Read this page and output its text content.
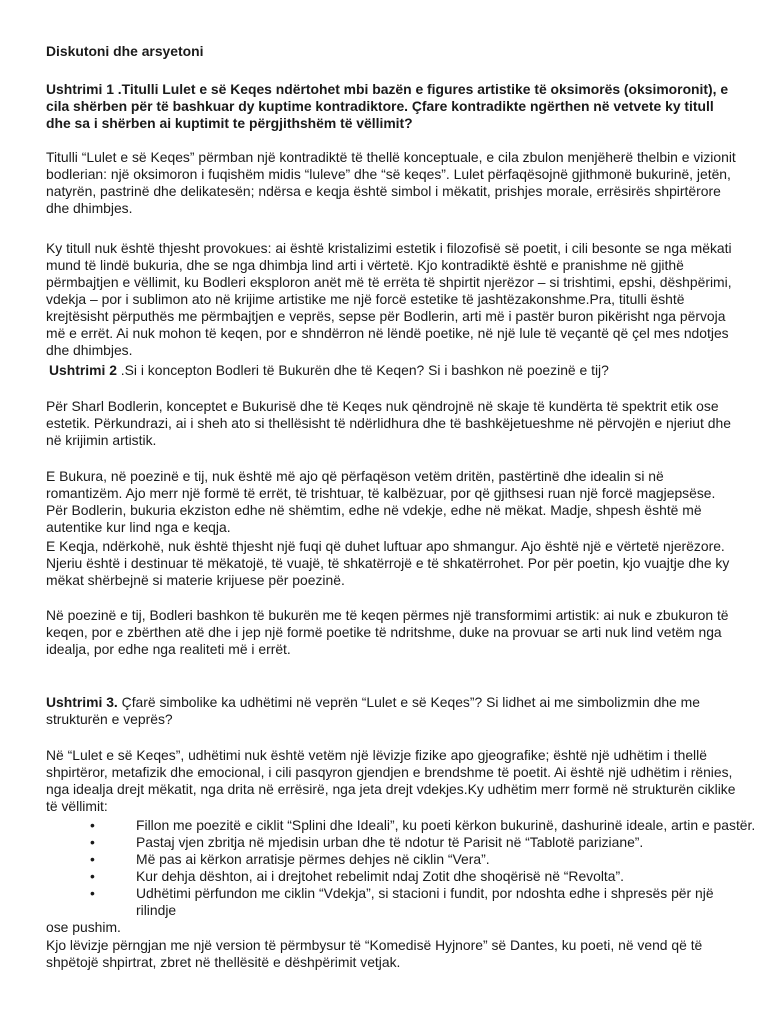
Diskutoni dhe arsyetoni

Ushtrimi 1 .Titulli Lulet e së Keqes ndërtohet mbi bazën e figures artistike të oksimorës (oksimoronit), e cila shërben për të bashkuar dy kuptime kontradiktore. Çfare kontradikte ngërthen në vetvete ky titull dhe sa i shërben ai kuptimit te përgjithshëm të vëllimit?

Titulli “Lulet e së Keqes” përmban një kontradiktë të thellë konceptuale, e cila zbulon menjëherë thelbin e vizionit bodlerian: një oksimoron i fuqishëm midis “luleve” dhe “së keqes”. Lulet përfaqësojnë gjithmonë bukurinë, jetën, natyrën, pastrinë dhe delikatesën; ndërsa e keqja është simbol i mëkatit, prishjes morale, errësirës shpirtërore dhe dhimbjes.

Ky titull nuk është thjesht provokues: ai është kristalizimi estetik i filozofisë së poetit, i cili besonte se nga mëkati mund të lindë bukuria, dhe se nga dhimbja lind arti i vërtetë. Kjo kontradiktë është e pranishme në gjithë përmbajtjen e vëllimit, ku Bodleri eksploron anët më të errëta të shpirtit njerëzor – si trishtimi, epshi, dëshpërimi, vdekja – por i sublimon ato në krijime artistike me një forcë estetike të jashtëzakonshme.Pra, titulli është krejtësisht përputhës me përmbajtjen e veprës, sepse për Bodlerin, arti më i pastër buron pikërisht nga përvoja më e errët. Ai nuk mohon të keqen, por e shndërron në lëndë poetike, në një lule të veçantë që çel mes ndotjes dhe dhimbjes.

Ushtrimi 2 .Si i koncepton Bodleri të Bukurën dhe të Keqen? Si i bashkon në poezinë e tij?

Për Sharl Bodlerin, konceptet e Bukurisë dhe të Keqes nuk qëndrojnë në skaje të kundërta të spektrit etik ose estetik. Përkundrazi, ai i sheh ato si thellësisht të ndërlidhura dhe të bashkëjetueshme në përvojën e njeriut dhe në krijimin artistik.

E Bukura, në poezinë e tij, nuk është më ajo që përfaqëson vetëm dritën, pastërtinë dhe idealin si në romantizëm. Ajo merr një formë të errët, të trishtuar, të kalbëzuar, por që gjithsesi ruan një forcë magjepsëse. Për Bodlerin, bukuria ekziston edhe në shëmtim, edhe në vdekje, edhe në mëkat. Madje, shpesh është më autentike kur lind nga e keqja.

E Keqja, ndërkohë, nuk është thjesht një fuqi që duhet luftuar apo shmangur. Ajo është një e vërtetë njerëzore. Njeriu është i destinuar të mëkatojë, të vuajë, të shkatërrojë e të shkatërrohet. Por për poetin, kjo vuajtje dhe ky mëkat shërbejnë si materie krijuese për poezinë.

Në poezinë e tij, Bodleri bashkon të bukurën me të keqen përmes një transformimi artistik: ai nuk e zbukuron të keqen, por e zbërthen atë dhe i jep një formë poetike të ndritshme, duke na provuar se arti nuk lind vetëm nga idealja, por edhe nga realiteti më i errët.

Ushtrimi 3. Çfarë simbolike ka udhëtimi në veprën “Lulet e së Keqes”? Si lidhet ai me simbolizmin dhe me strukturën e veprës?

Në “Lulet e së Keqes”, udhëtimi nuk është vetëm një lëvizje fizike apo gjeografike; është një udhëtim i thellë shpirtëror, metafizik dhe emocional, i cili pasqyron gjendjen e brendshme të poetit. Ai është një udhëtim i rënies, nga idealja drejt mëkatit, nga drita në errësirë, nga jeta drejt vdekjes.Ky udhëtim merr formë në strukturën ciklike të vëllimit:

•	Fillon me poezitë e ciklit “Splini dhe Ideali”, ku poeti kërkon bukurinë, dashurinë ideale, artin e pastër.
•	Pastaj vjen zbritja në mjedisin urban dhe të ndotur të Parisit në “Tablotë pariziane”.
•	Më pas ai kërkon arratisje përmes dehjes në ciklin “Vera”.
•	Kur dehja dështon, ai i drejtohet rebelimit ndaj Zotit dhe shoqërisë në “Revolta”.
•	Udhëtimi përfundon me ciklin “Vdekja”, si stacioni i fundit, por ndoshta edhe i shpresës për një rilindje
ose pushim.

Kjo lëvizje përngjan me një version të përmbysur të “Komedisë Hyjnore” së Dantes, ku poeti, në vend që të shpëtojë shpirtrat, zbret në thellësitë e dëshpërimit vetjak.
